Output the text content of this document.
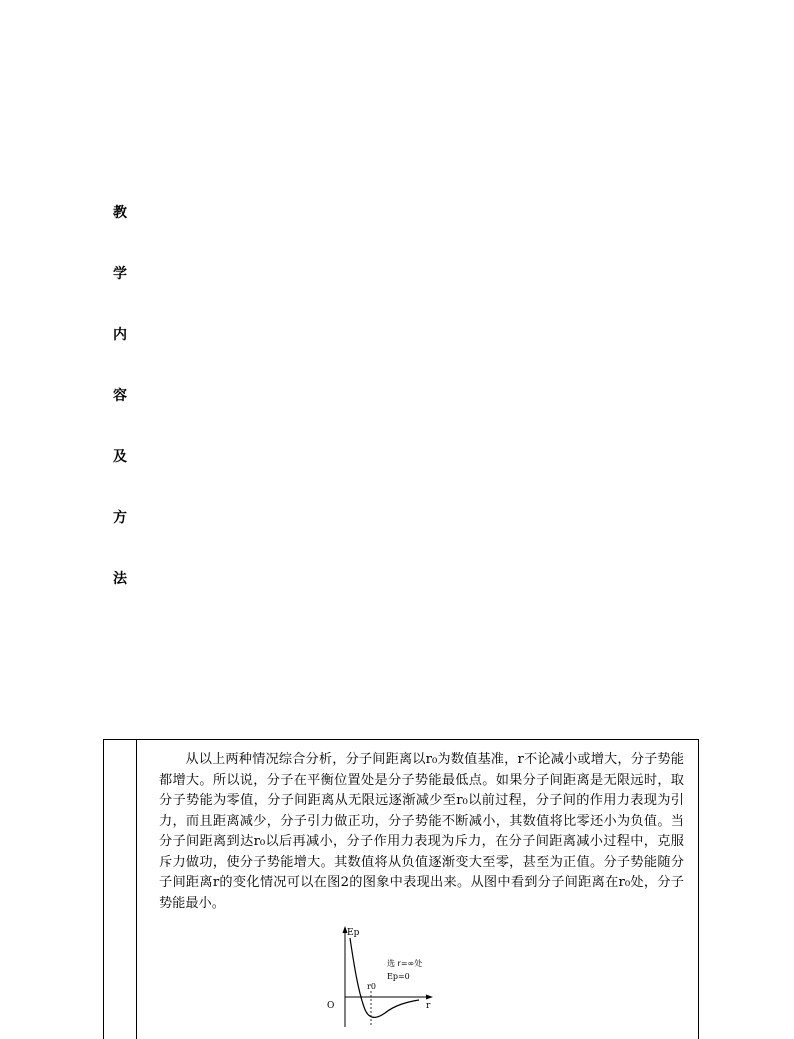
教
学
内
容
及
方
法

从以上两种情况综合分析，分子间距离以r₀为数值基准，r不论减小或增大，分子势能都增大。所以说，分子在平衡位置处是分子势能最低点。如果分子间距离是无限远时，取分子势能为零值，分子间距离从无限远逐渐减少至r₀以前过程，分子间的作用力表现为引力，而且距离减少，分子引力做正功，分子势能不断减小，其数值将比零还小为负值。当分子间距离到达r₀以后再减小，分子作用力表现为斥力，在分子间距离减小过程中，克服斥力做功，使分子势能增大。其数值将从负值逐渐变大至零，甚至为正值。分子势能随分子间距离r的变化情况可以在图2的图象中表现出来。从图中看到分子间距离在r₀处，分子势能最小。

Ep
r
O
r0
选 r=∞处
Ep=0
